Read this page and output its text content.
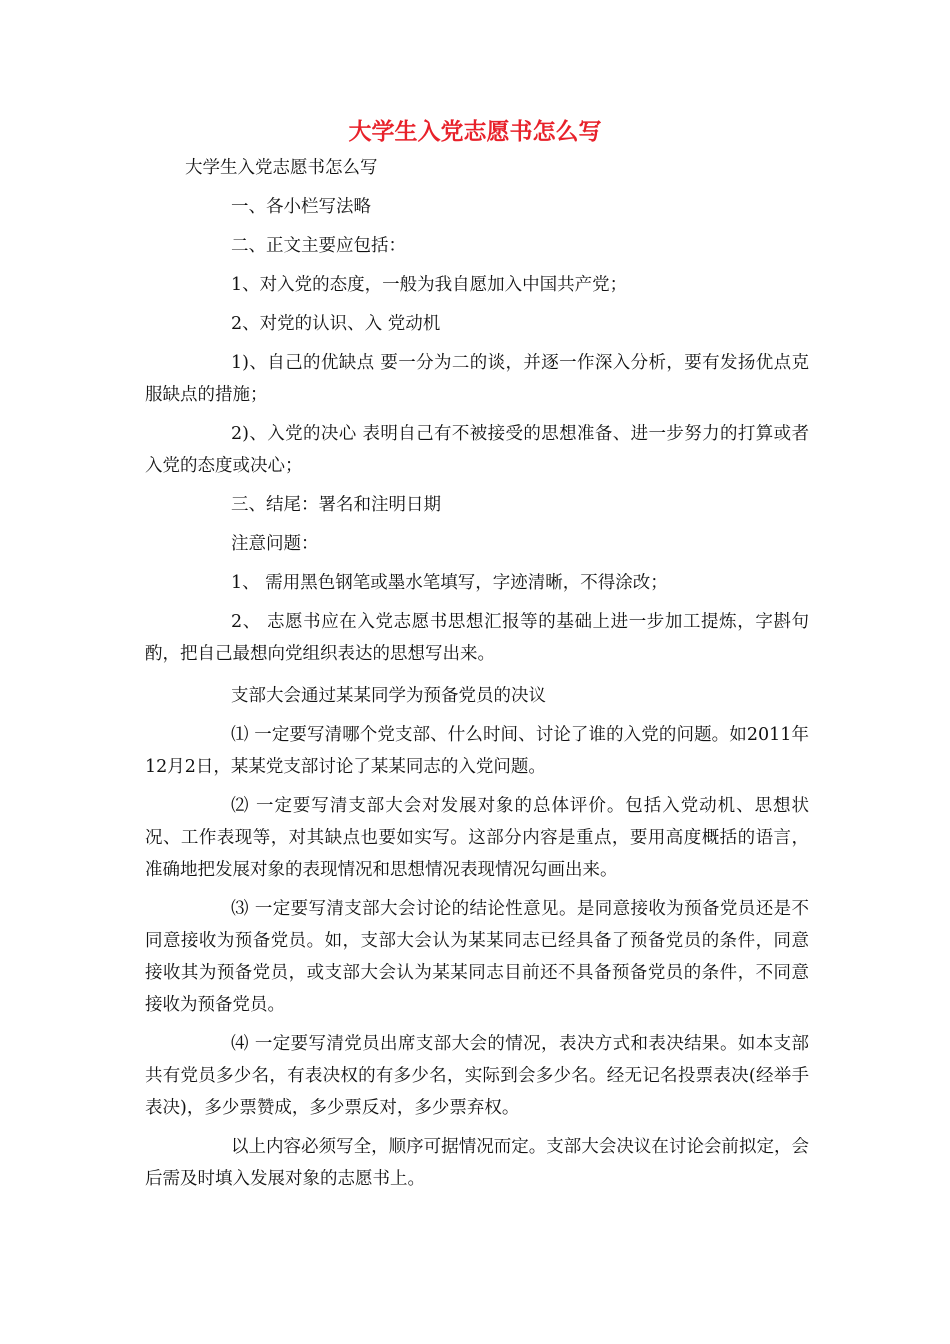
大学生入党志愿书怎么写

大学生入党志愿书怎么写

一、各小栏写法略

二、正文主要应包括：

1、对入党的态度，一般为我自愿加入中国共产党；

2、对党的认识、入 党动机

1)、自己的优缺点 要一分为二的谈，并逐一作深入分析，要有发扬优点克服缺点的措施；

2)、入党的决心 表明自己有不被接受的思想准备、进一步努力的打算或者入党的态度或决心；

三、结尾：署名和注明日期

注意问题：

1、 需用黑色钢笔或墨水笔填写，字迹清晰，不得涂改；

2、 志愿书应在入党志愿书思想汇报等的基础上进一步加工提炼，字斟句酌，把自己最想向党组织表达的思想写出来。

支部大会通过某某同学为预备党员的决议

⑴ 一定要写清哪个党支部、什么时间、讨论了谁的入党的问题。如2011年12月2日，某某党支部讨论了某某同志的入党问题。

⑵ 一定要写清支部大会对发展对象的总体评价。包括入党动机、思想状况、工作表现等，对其缺点也要如实写。这部分内容是重点，要用高度概括的语言，准确地把发展对象的表现情况和思想情况表现情况勾画出来。

⑶ 一定要写清支部大会讨论的结论性意见。是同意接收为预备党员还是不同意接收为预备党员。如，支部大会认为某某同志已经具备了预备党员的条件，同意接收其为预备党员，或支部大会认为某某同志目前还不具备预备党员的条件，不同意接收为预备党员。

⑷ 一定要写清党员出席支部大会的情况，表决方式和表决结果。如本支部共有党员多少名，有表决权的有多少名，实际到会多少名。经无记名投票表决(经举手表决)，多少票赞成，多少票反对，多少票弃权。

以上内容必须写全，顺序可据情况而定。支部大会决议在讨论会前拟定，会后需及时填入发展对象的志愿书上。
